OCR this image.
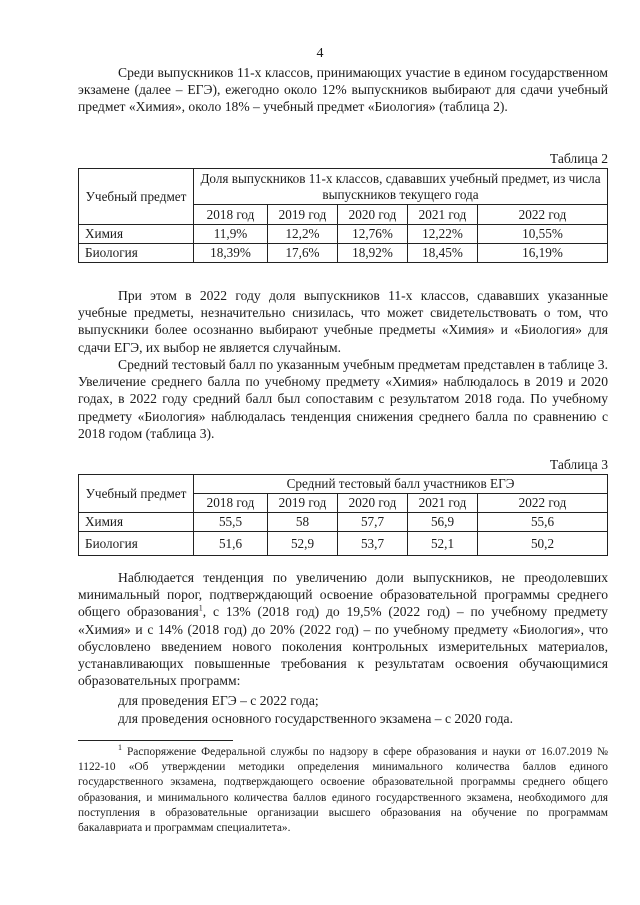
4

Среди выпускников 11-х классов, принимающих участие в едином государственном экзамене (далее – ЕГЭ), ежегодно около 12% выпускников выбирают для сдачи учебный предмет «Химия», около 18% – учебный предмет «Биология» (таблица 2).

Таблица 2
Учебный предмет	Доля выпускников 11-х классов, сдававших учебный предмет, из числа выпускников текущего года				
	2018 год	2019 год	2020 год	2021 год	2022 год
Химия	11,9%	12,2%	12,76%	12,22%	10,55%
Биология	18,39%	17,6%	18,92%	18,45%	16,19%

При этом в 2022 году доля выпускников 11-х классов, сдававших указанные учебные предметы, незначительно снизилась, что может свидетельствовать о том, что выпускники более осознанно выбирают учебные предметы «Химия» и «Биология» для сдачи ЕГЭ, их выбор не является случайным.

Средний тестовый балл по указанным учебным предметам представлен в таблице 3. Увеличение среднего балла по учебному предмету «Химия» наблюдалось в 2019 и 2020 годах, в 2022 году средний балл был сопоставим с результатом 2018 года. По учебному предмету «Биология» наблюдалась тенденция снижения среднего балла по сравнению с 2018 годом (таблица 3).

Таблица 3
Учебный предмет	Средний тестовый балл участников ЕГЭ				
	2018 год	2019 год	2020 год	2021 год	2022 год
Химия	55,5	58	57,7	56,9	55,6
Биология	51,6	52,9	53,7	52,1	50,2

Наблюдается тенденция по увеличению доли выпускников, не преодолевших минимальный порог, подтверждающий освоение образовательной программы среднего общего образования$^1$, с 13% (2018 год) до 19,5% (2022 год) – по учебному предмету «Химия» и с 14% (2018 год) до 20% (2022 год) – по учебному предмету «Биология», что обусловлено введением нового поколения контрольных измерительных материалов, устанавливающих повышенные требования к результатам освоения обучающимися образовательных программ:

для проведения ЕГЭ – с 2022 года;
для проведения основного государственного экзамена – с 2020 года.

$^1$ Распоряжение Федеральной службы по надзору в сфере образования и науки от 16.07.2019 № 1122-10 «Об утверждении методики определения минимального количества баллов единого государственного экзамена, подтверждающего освоение образовательной программы среднего общего образования, и минимального количества баллов единого государственного экзамена, необходимого для поступления в образовательные организации высшего образования на обучение по программам бакалавриата и программам специалитета».
